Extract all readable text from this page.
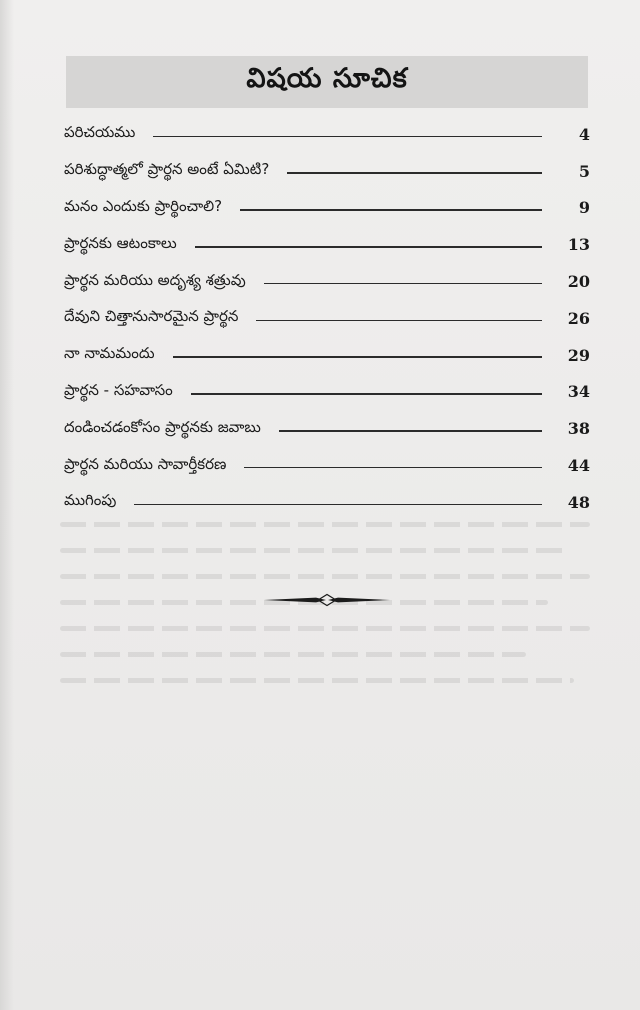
విషయ సూచిక
పరిచయము	4
పరిశుద్ధాత్మలో ప్రార్థన అంటే ఏమిటి?	5
మనం ఎందుకు ప్రార్థించాలి?	9
ప్రార్థనకు ఆటంకాలు	13
ప్రార్థన మరియు అదృశ్య శత్రువు	20
దేవుని చిత్తానుసారమైన ప్రార్థన	26
నా నామమందు	29
ప్రార్థన - సహవాసం	34
దండించడంకోసం ప్రార్థనకు జవాబు	38
ప్రార్థన మరియు సావార్తీకరణ	44
ముగింపు	48
